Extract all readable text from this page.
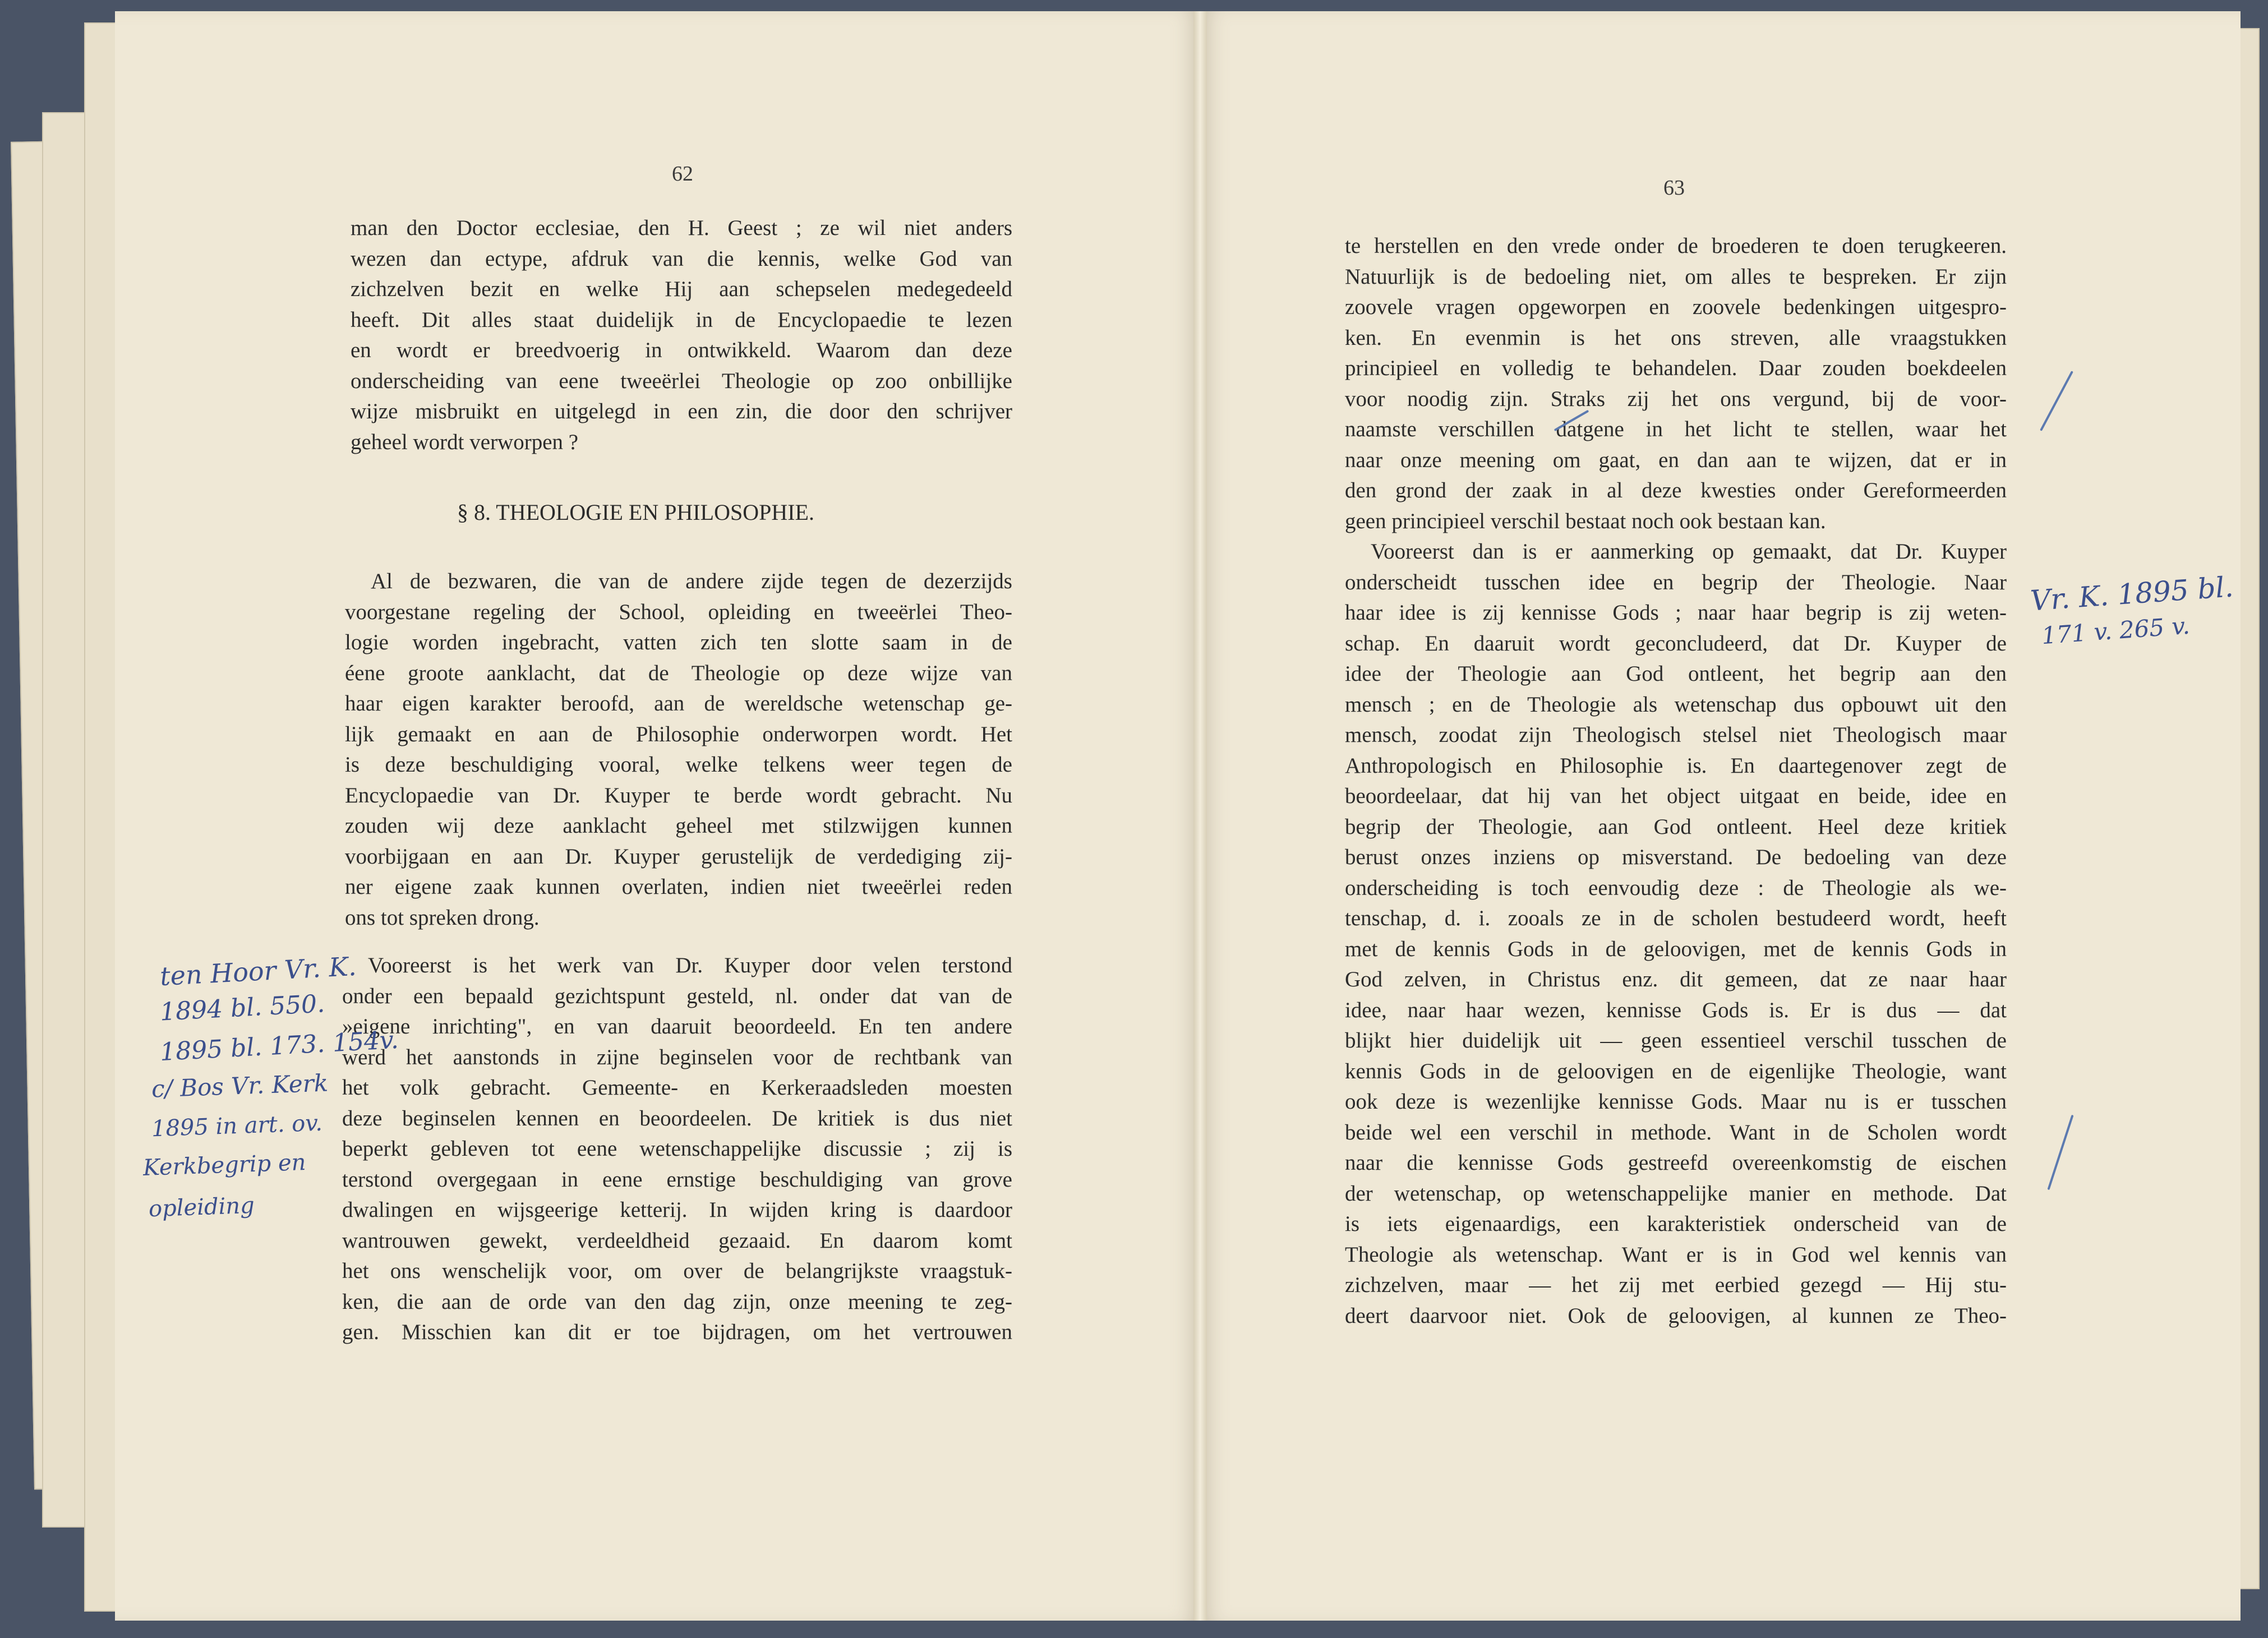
62
man den Doctor ecclesiae, den H. Geest ; ze wil niet anders
wezen dan ectype, afdruk van die kennis, welke God van
zichzelven bezit en welke Hij aan schepselen medegedeeld
heeft. Dit alles staat duidelijk in de Encyclopaedie te lezen
en wordt er breedvoerig in ontwikkeld. Waarom dan deze
onderscheiding van eene tweeërlei Theologie op zoo onbillijke
wijze misbruikt en uitgelegd in een zin, die door den schrijver
geheel wordt verworpen ?
§ 8. THEOLOGIE EN PHILOSOPHIE.
Al de bezwaren, die van de andere zijde tegen de dezerzijds
voorgestane regeling der School, opleiding en tweeërlei Theo-
logie worden ingebracht, vatten zich ten slotte saam in de
éene groote aanklacht, dat de Theologie op deze wijze van
haar eigen karakter beroofd, aan de wereldsche wetenschap ge-
lijk gemaakt en aan de Philosophie onderworpen wordt. Het
is deze beschuldiging vooral, welke telkens weer tegen de
Encyclopaedie van Dr. Kuyper te berde wordt gebracht. Nu
zouden wij deze aanklacht geheel met stilzwijgen kunnen
voorbijgaan en aan Dr. Kuyper gerustelijk de verdediging zij-
ner eigene zaak kunnen overlaten, indien niet tweeërlei reden
ons tot spreken drong.
Vooreerst is het werk van Dr. Kuyper door velen terstond
onder een bepaald gezichtspunt gesteld, nl. onder dat van de
»eigene inrichting", en van daaruit beoordeeld. En ten andere
werd het aanstonds in zijne beginselen voor de rechtbank van
het volk gebracht. Gemeente- en Kerkeraadsleden moesten
deze beginselen kennen en beoordeelen. De kritiek is dus niet
beperkt gebleven tot eene wetenschappelijke discussie ; zij is
terstond overgegaan in eene ernstige beschuldiging van grove
dwalingen en wijsgeerige ketterij. In wijden kring is daardoor
wantrouwen gewekt, verdeeldheid gezaaid. En daarom komt
het ons wenschelijk voor, om over de belangrijkste vraagstuk-
ken, die aan de orde van den dag zijn, onze meening te zeg-
gen. Misschien kan dit er toe bijdragen, om het vertrouwen
ten Hoor Vr. K.
1894 bl. 550.
1895 bl. 173. 154v.
c/ Bos Vr. Kerk
1895 in art. ov.
Kerkbegrip en
opleiding
63
te herstellen en den vrede onder de broederen te doen terugkeeren.
Natuurlijk is de bedoeling niet, om alles te bespreken. Er zijn
zoovele vragen opgeworpen en zoovele bedenkingen uitgespro-
ken. En evenmin is het ons streven, alle vraagstukken
principieel en volledig te behandelen. Daar zouden boekdeelen
voor noodig zijn. Straks zij het ons vergund, bij de voor-
naamste verschillen datgene in het licht te stellen, waar het
naar onze meening om gaat, en dan aan te wijzen, dat er in
den grond der zaak in al deze kwesties onder Gereformeerden
geen principieel verschil bestaat noch ook bestaan kan.
Vooreerst dan is er aanmerking op gemaakt, dat Dr. Kuyper
onderscheidt tusschen idee en begrip der Theologie. Naar
haar idee is zij kennisse Gods ; naar haar begrip is zij weten-
schap. En daaruit wordt geconcludeerd, dat Dr. Kuyper de
idee der Theologie aan God ontleent, het begrip aan den
mensch ; en de Theologie als wetenschap dus opbouwt uit den
mensch, zoodat zijn Theologisch stelsel niet Theologisch maar
Anthropologisch en Philosophie is. En daartegenover zegt de
beoordeelaar, dat hij van het object uitgaat en beide, idee en
begrip der Theologie, aan God ontleent. Heel deze kritiek
berust onzes inziens op misverstand. De bedoeling van deze
onderscheiding is toch eenvoudig deze : de Theologie als we-
tenschap, d. i. zooals ze in de scholen bestudeerd wordt, heeft
met de kennis Gods in de geloovigen, met de kennis Gods in
God zelven, in Christus enz. dit gemeen, dat ze naar haar
idee, naar haar wezen, kennisse Gods is. Er is dus — dat
blijkt hier duidelijk uit — geen essentieel verschil tusschen de
kennis Gods in de geloovigen en de eigenlijke Theologie, want
ook deze is wezenlijke kennisse Gods. Maar nu is er tusschen
beide wel een verschil in methode. Want in de Scholen wordt
naar die kennisse Gods gestreefd overeenkomstig de eischen
der wetenschap, op wetenschappelijke manier en methode. Dat
is iets eigenaardigs, een karakteristiek onderscheid van de
Theologie als wetenschap. Want er is in God wel kennis van
zichzelven, maar — het zij met eerbied gezegd — Hij stu-
deert daarvoor niet. Ook de geloovigen, al kunnen ze Theo-
Vr. K. 1895 bl.
171 v. 265 v.
